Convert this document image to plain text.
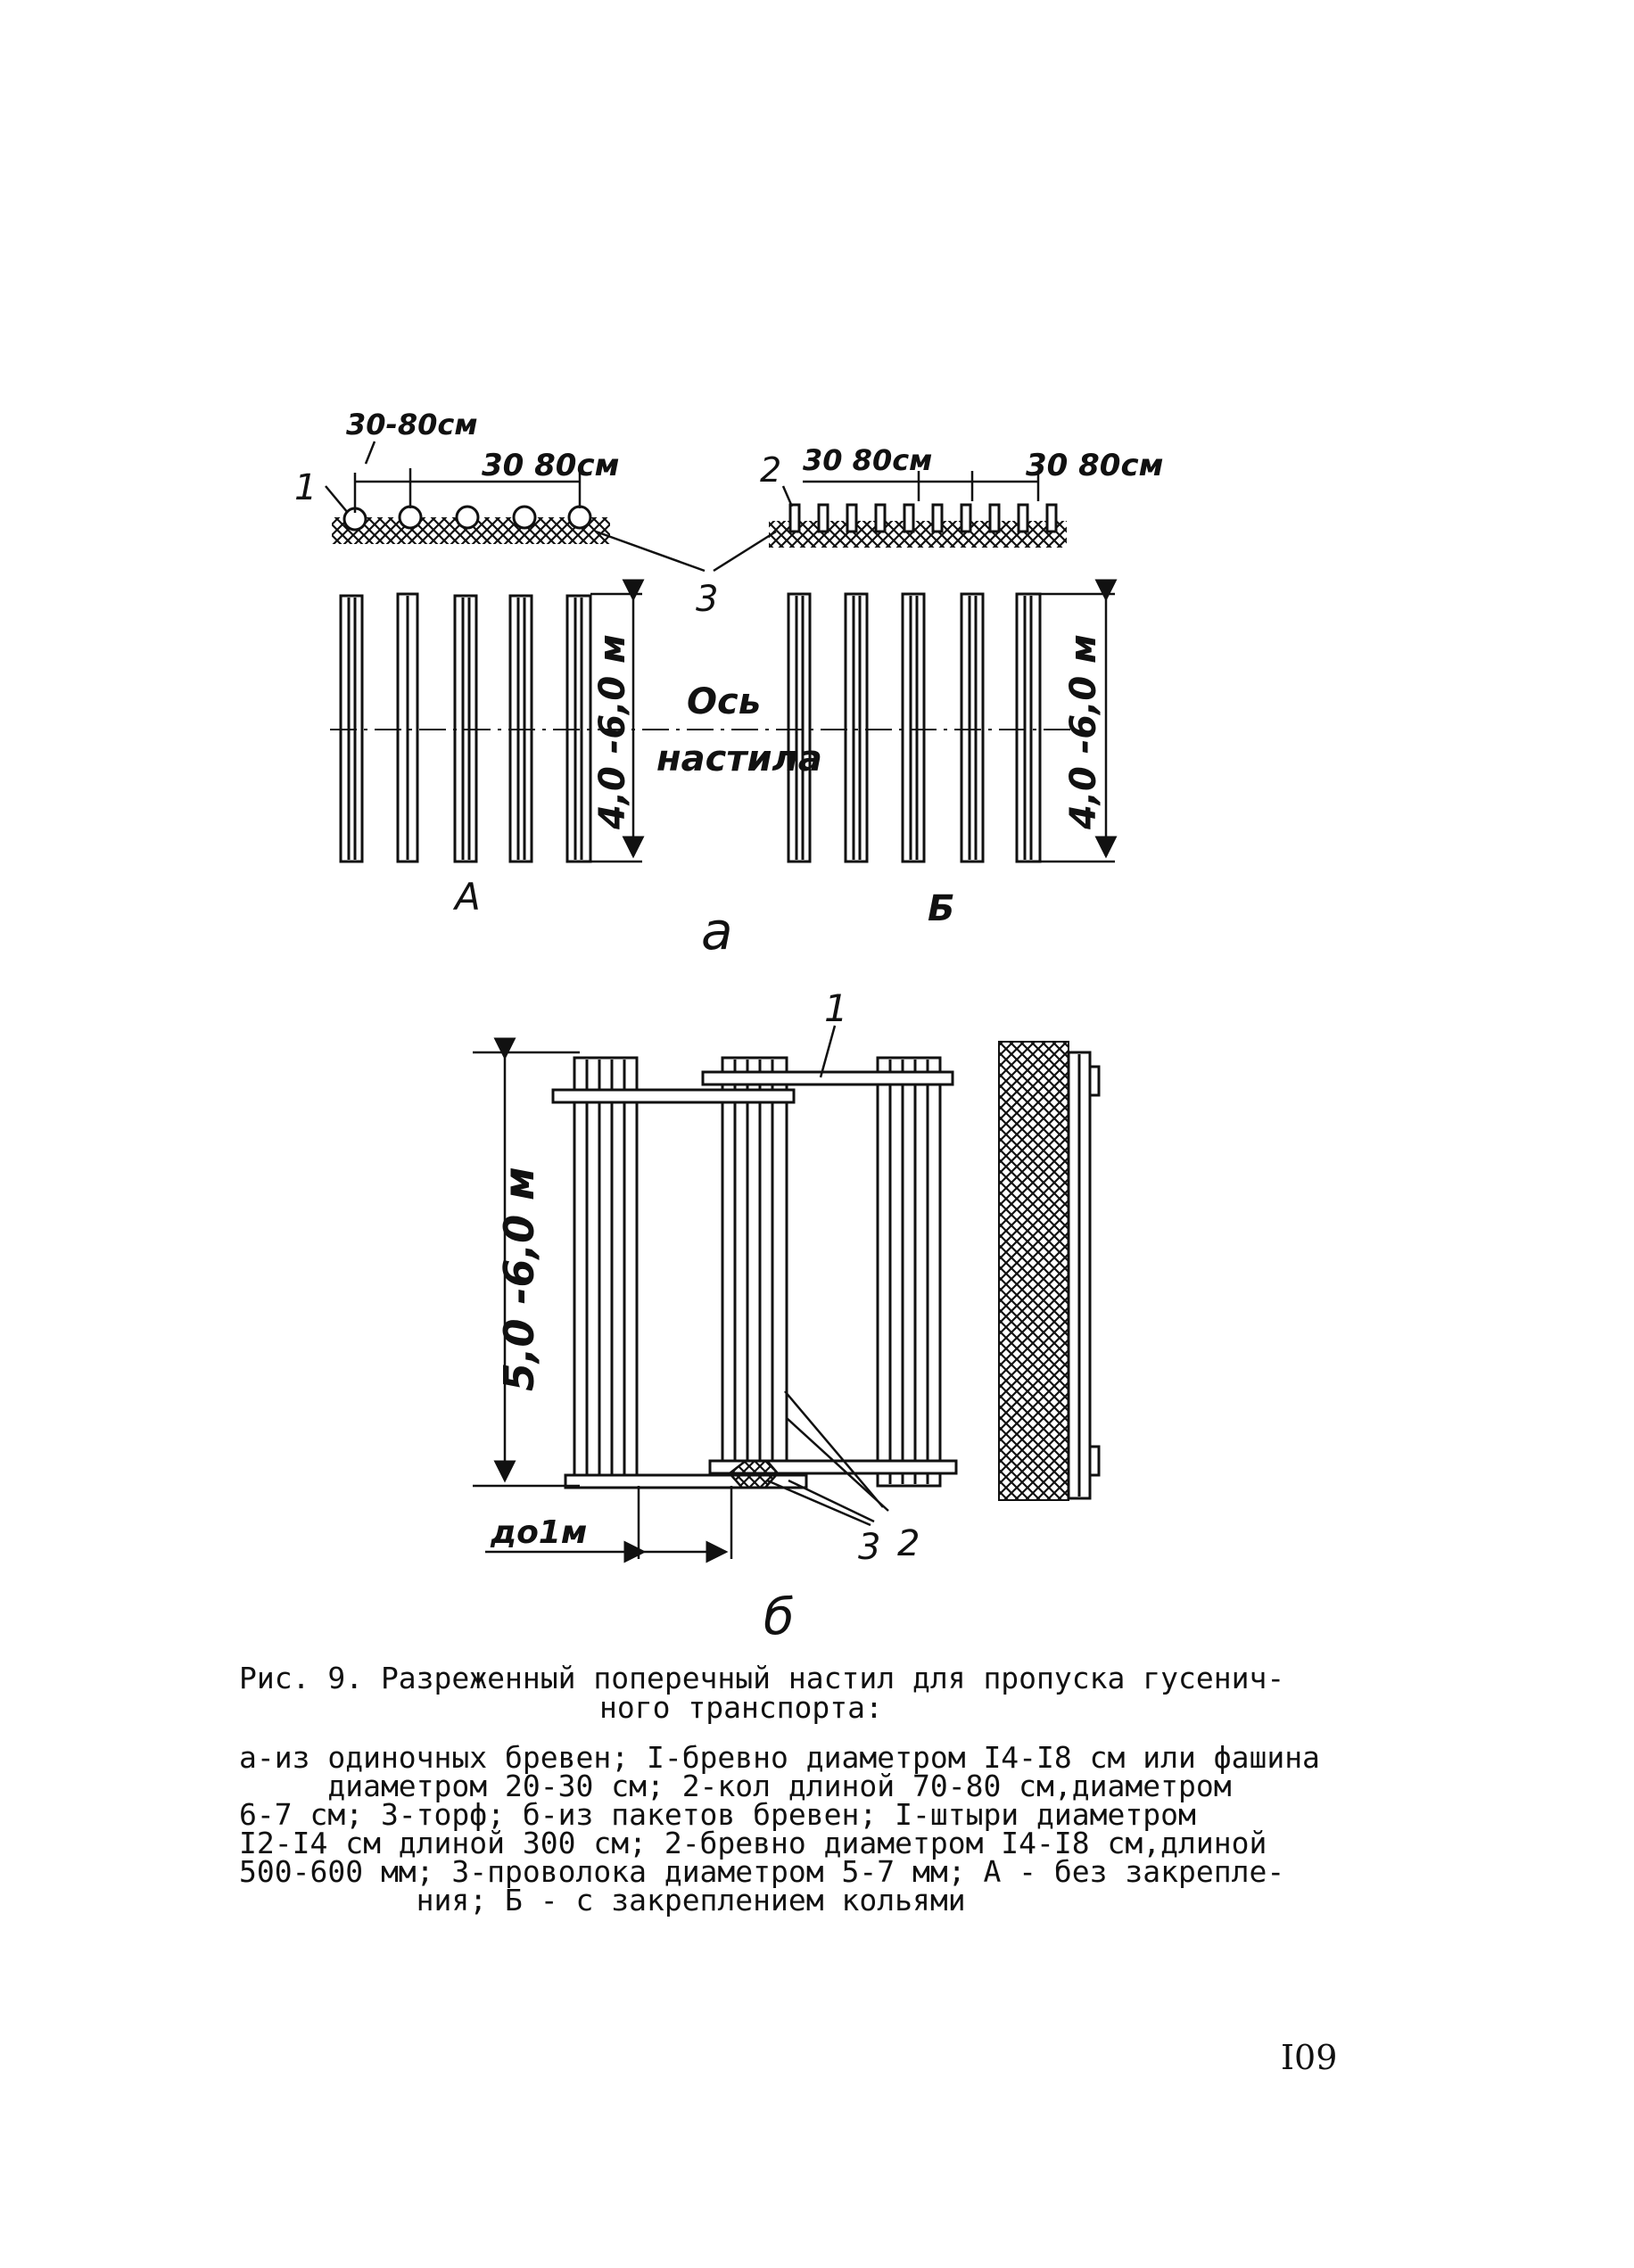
30-80см
30 80см	30 80см	30 80см
1	2
3
Ось
настила
4,0 -6,0 м	4,0 -6,0 м
А	Б
а
1
5,0 -6,0 м
до1м	3 2
б
Рис. 9. Разреженный поперечный настил для пропуска гусенич-
ного транспорта:
а-из одиночных бревен; I-бревно диаметром I4-I8 см или фашина
диаметром 20-30 см; 2-кол длиной 70-80 см,диаметром
6-7 см; 3-торф; б-из пакетов бревен; I-штыри диаметром
I2-I4 см длиной 300 см; 2-бревно диаметром I4-I8 см,длиной
500-600 мм; 3-проволока диаметром 5-7 мм; А - без закрепле-
ния; Б - с закреплением кольями
I09
